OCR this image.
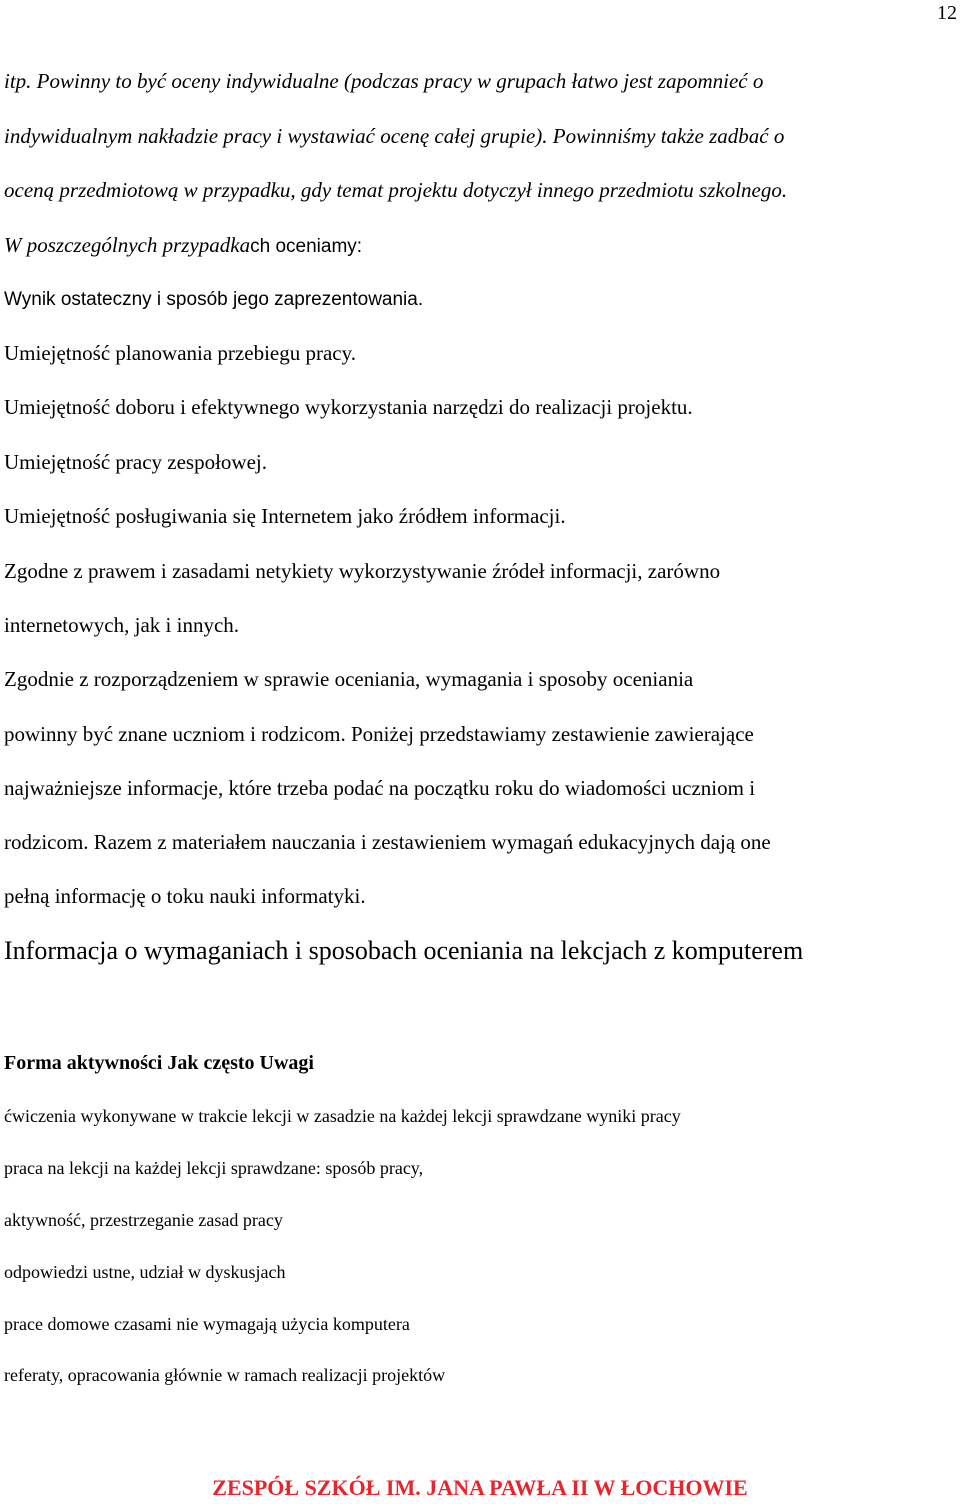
12
itp. Powinny to być oceny indywidualne (podczas pracy w grupach łatwo jest zapomnieć o
indywidualnym nakładzie pracy i wystawiać ocenę całej grupie). Powinniśmy także zadbać o
oceną przedmiotową w przypadku, gdy temat projektu dotyczył innego przedmiotu szkolnego.
W poszczególnych przypadkach oceniamy:
Wynik ostateczny i sposób jego zaprezentowania.
Umiejętność planowania przebiegu pracy.
Umiejętność doboru i efektywnego wykorzystania narzędzi do realizacji projektu.
Umiejętność pracy zespołowej.
Umiejętność posługiwania się Internetem jako źródłem informacji.
Zgodne z prawem i zasadami netykiety wykorzystywanie źródeł informacji, zarówno
internetowych, jak i innych.
Zgodnie z rozporządzeniem w sprawie oceniania, wymagania i sposoby oceniania
powinny być znane uczniom i rodzicom. Poniżej przedstawiamy zestawienie zawierające
najważniejsze informacje, które trzeba podać na początku roku do wiadomości uczniom i
rodzicom. Razem z materiałem nauczania i zestawieniem wymagań edukacyjnych dają one
pełną informację o toku nauki informatyki.
Informacja o wymaganiach i sposobach oceniania na lekcjach z komputerem
Forma aktywności Jak często Uwagi
ćwiczenia wykonywane w trakcie lekcji w zasadzie na każdej lekcji sprawdzane wyniki pracy
praca na lekcji na każdej lekcji sprawdzane: sposób pracy,
aktywność, przestrzeganie zasad pracy
odpowiedzi ustne, udział w dyskusjach
prace domowe czasami nie wymagają użycia komputera
referaty, opracowania głównie w ramach realizacji projektów
ZESPÓŁ SZKÓŁ IM. JANA PAWŁA II W ŁOCHOWIE
